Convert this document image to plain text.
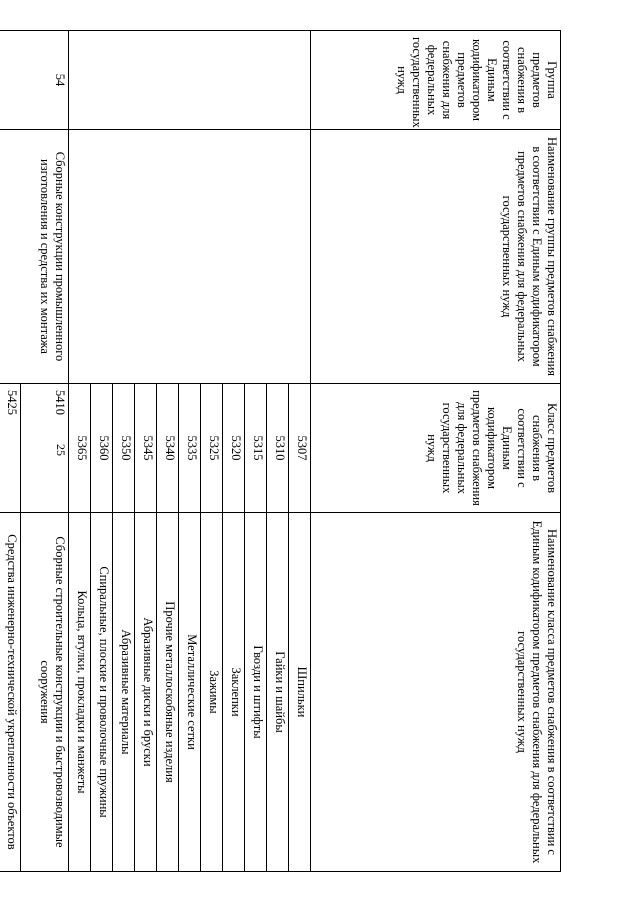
25
Группа предметов снабжения в соответствии с Единым кодификатором предметов снабжения для федеральных государственных нужд	Наименование группы предметов снабжения в соответствии с Единым кодификатором предметов снабжения для федеральных государственных нужд	Класс предметов снабжения в соответствии с Единым кодификатором предметов снабжения для федеральных государственных нужд	Наименование класса предметов снабжения в соответствии с Единым кодификатором предметов снабжения для федеральных государственных нужд
		5307	Шпильки
		5310	Гайки и шайбы
		5315	Гвозди и штифты
		5320	Заклепки
		5325	Зажимы
		5335	Металлические сетки
		5340	Прочие металлоскобяные изделия
		5345	Абразивные диски и бруски
		5350	Абразивные материалы
		5360	Спиральные, плоские и проволочные пружины
		5365	Кольца, втулки, прокладки и манжеты
54	Сборные конструкции промышленного изготовления и средства их монтажа	5410	Сборные строительные конструкции и быстровозводимые сооружения
		5425	Средства инженерно-технической укрепленности объектов
